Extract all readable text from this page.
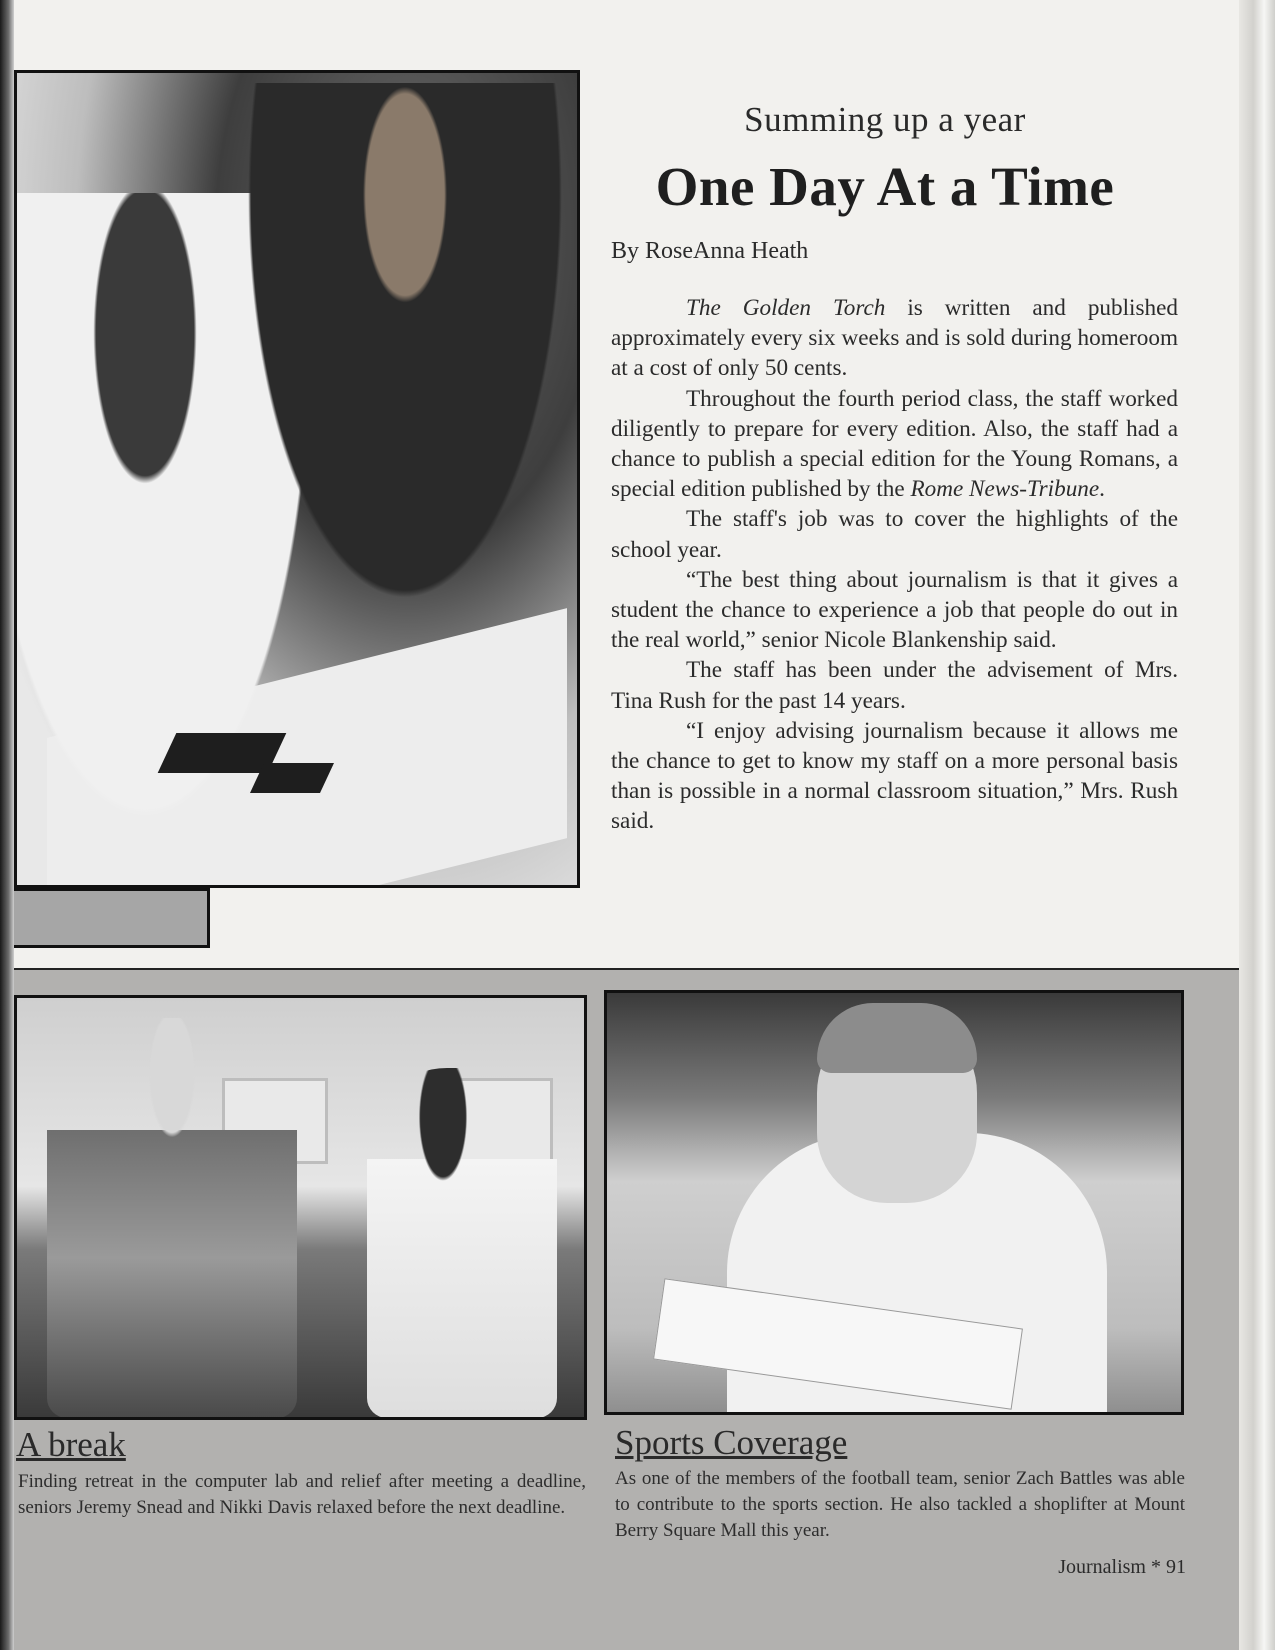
Summing up a year
One Day At a Time
By RoseAnna Heath

The Golden Torch is written and published approximately every six weeks and is sold during homeroom at a cost of only 50 cents.

Throughout the fourth period class, the staff worked diligently to prepare for every edition. Also, the staff had a chance to publish a special edition for the Young Romans, a special edition published by the Rome News-Tribune.

The staff's job was to cover the highlights of the school year.

“The best thing about journalism is that it gives a student the chance to experience a job that people do out in the real world,” senior Nicole Blankenship said.

The staff has been under the advisement of Mrs. Tina Rush for the past 14 years.

“I enjoy advising journalism because it allows me the chance to get to know my staff on a more personal basis than is possible in a normal classroom situation,” Mrs. Rush said.

A break
Finding retreat in the computer lab and relief after meeting a deadline, seniors Jeremy Snead and Nikki Davis relaxed before the next deadline.
Sports Coverage
As one of the members of the football team, senior Zach Battles was able to contribute to the sports section. He also tackled a shoplifter at Mount Berry Square Mall this year.
Journalism * 91
